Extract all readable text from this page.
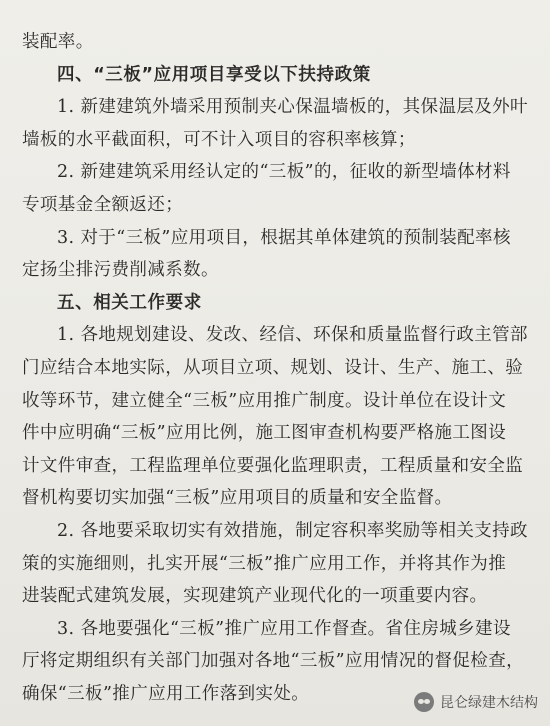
装配率。

四、“三板”应用项目享受以下扶持政策

1. 新建建筑外墙采用预制夹心保温墙板的，其保温层及外叶

墙板的水平截面积，可不计入项目的容积率核算；

2. 新建建筑采用经认定的“三板”的，征收的新型墙体材料

专项基金全额返还；

3. 对于“三板”应用项目，根据其单体建筑的预制装配率核

定扬尘排污费削减系数。

五、相关工作要求

1. 各地规划建设、发改、经信、环保和质量监督行政主管部

门应结合本地实际，从项目立项、规划、设计、生产、施工、验

收等环节，建立健全“三板”应用推广制度。设计单位在设计文

件中应明确“三板”应用比例，施工图审查机构要严格施工图设

计文件审查，工程监理单位要强化监理职责，工程质量和安全监

督机构要切实加强“三板”应用项目的质量和安全监督。

2. 各地要采取切实有效措施，制定容积率奖励等相关支持政

策的实施细则，扎实开展“三板”推广应用工作，并将其作为推

进装配式建筑发展，实现建筑产业现代化的一项重要内容。

3. 各地要强化“三板”推广应用工作督查。省住房城乡建设

厅将定期组织有关部门加强对各地“三板”应用情况的督促检查，

确保“三板”推广应用工作落到实处。	昆仑绿建木结构
